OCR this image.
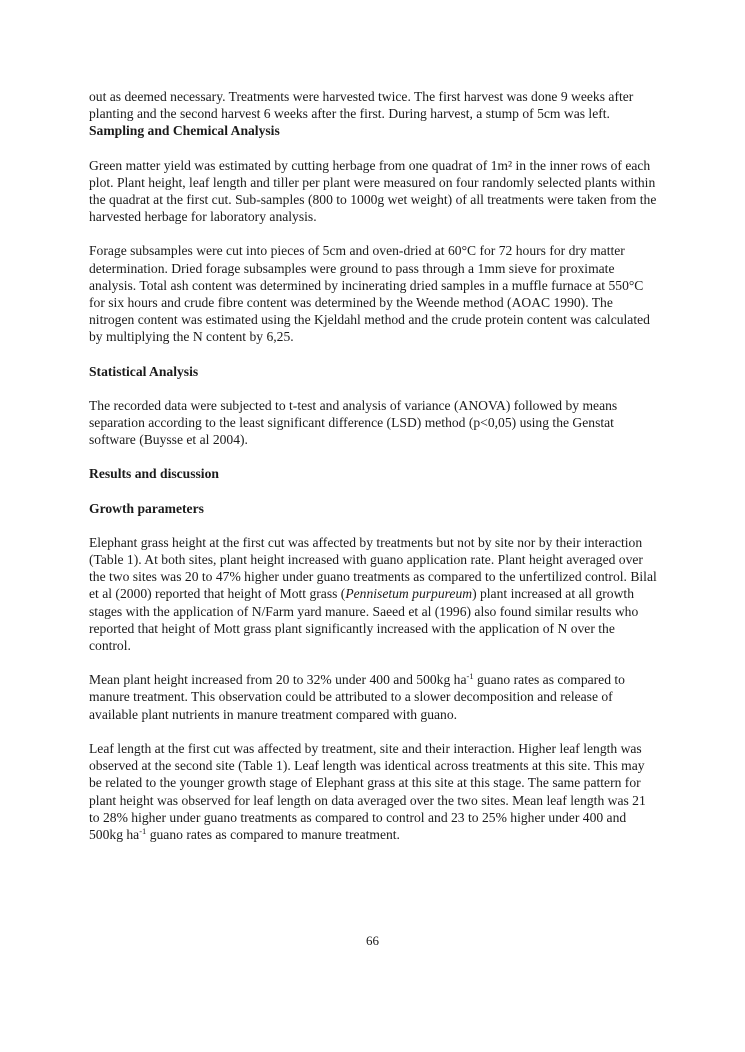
out as deemed necessary. Treatments were harvested twice. The first harvest was done 9 weeks after planting and the second harvest 6 weeks after the first. During harvest, a stump of 5cm was left.

Sampling and Chemical Analysis

Green matter yield was estimated by cutting herbage from one quadrat of 1m² in the inner rows of each plot. Plant height, leaf length and tiller per plant were measured on four randomly selected plants within the quadrat at the first cut. Sub-samples (800 to 1000g wet weight) of all treatments were taken from the harvested herbage for laboratory analysis.

Forage subsamples were cut into pieces of 5cm and oven-dried at 60°C for 72 hours for dry matter determination. Dried forage subsamples were ground to pass through a 1mm sieve for proximate analysis. Total ash content was determined by incinerating dried samples in a muffle furnace at 550°C for six hours and crude fibre content was determined by the Weende method (AOAC 1990). The nitrogen content was estimated using the Kjeldahl method and the crude protein content was calculated by multiplying the N content by 6,25.

Statistical Analysis

The recorded data were subjected to t-test and analysis of variance (ANOVA) followed by means separation according to the least significant difference (LSD) method (p<0,05) using the Genstat software (Buysse et al 2004).

Results and discussion
Growth parameters

Elephant grass height at the first cut was affected by treatments but not by site nor by their interaction (Table 1). At both sites, plant height increased with guano application rate. Plant height averaged over the two sites was 20 to 47% higher under guano treatments as compared to the unfertilized control. Bilal et al (2000) reported that height of Mott grass (Pennisetum purpureum) plant increased at all growth stages with the application of N/Farm yard manure. Saeed et al (1996) also found similar results who reported that height of Mott grass plant significantly increased with the application of N over the control.

Mean plant height increased from 20 to 32% under 400 and 500kg $ha^{-1}$ guano rates as compared to manure treatment. This observation could be attributed to a slower decomposition and release of available plant nutrients in manure treatment compared with guano.

Leaf length at the first cut was affected by treatment, site and their interaction. Higher leaf length was observed at the second site (Table 1). Leaf length was identical across treatments at this site. This may be related to the younger growth stage of Elephant grass at this site at this stage. The same pattern for plant height was observed for leaf length on data averaged over the two sites. Mean leaf length was 21 to 28% higher under guano treatments as compared to control and 23 to 25% higher under 400 and 500kg $ha^{-1}$ guano rates as compared to manure treatment.

66
